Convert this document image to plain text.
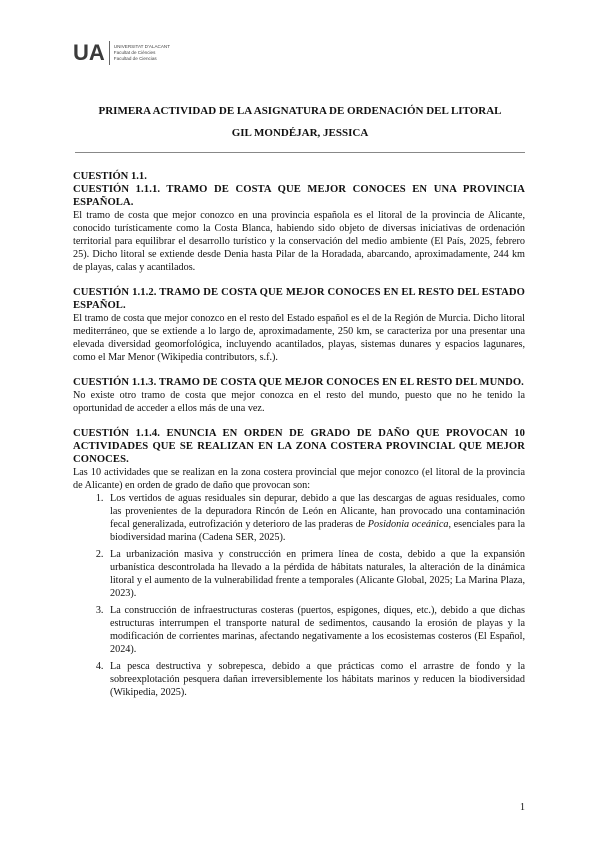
UA	UNIVERSITAT D'ALACANT
Facultat de Ciències
Facultad de Ciencias
PRIMERA ACTIVIDAD DE LA ASIGNATURA DE ORDENACIÓN DEL LITORAL
GIL MONDÉJAR, JESSICA

CUESTIÓN 1.1.

CUESTIÓN 1.1.1. TRAMO DE COSTA QUE MEJOR CONOCES EN UNA PROVINCIA ESPAÑOLA.

El tramo de costa que mejor conozco en una provincia española es el litoral de la provincia de Alicante, conocido turísticamente como la Costa Blanca, habiendo sido objeto de diversas iniciativas de ordenación territorial para equilibrar el desarrollo turístico y la conservación del medio ambiente (El País, 2025, febrero 25). Dicho litoral se extiende desde Denia hasta Pilar de la Horadada, abarcando, aproximadamente, 244 km de playas, calas y acantilados.

CUESTIÓN 1.1.2. TRAMO DE COSTA QUE MEJOR CONOCES EN EL RESTO DEL ESTADO ESPAÑOL.

El tramo de costa que mejor conozco en el resto del Estado español es el de la Región de Murcia. Dicho litoral mediterráneo, que se extiende a lo largo de, aproximadamente, 250 km, se caracteriza por una presentar una elevada diversidad geomorfológica, incluyendo acantilados, playas, sistemas dunares y espacios lagunares, como el Mar Menor (Wikipedia contributors, s.f.).

CUESTIÓN 1.1.3. TRAMO DE COSTA QUE MEJOR CONOCES EN EL RESTO DEL MUNDO.

No existe otro tramo de costa que mejor conozca en el resto del mundo, puesto que no he tenido la oportunidad de acceder a ellos más de una vez.

CUESTIÓN 1.1.4. ENUNCIA EN ORDEN DE GRADO DE DAÑO QUE PROVOCAN 10 ACTIVIDADES QUE SE REALIZAN EN LA ZONA COSTERA PROVINCIAL QUE MEJOR CONOCES.

Las 10 actividades que se realizan en la zona costera provincial que mejor conozco (el litoral de la provincia de Alicante) en orden de grado de daño que provocan son:

1. Los vertidos de aguas residuales sin depurar, debido a que las descargas de aguas residuales, como las provenientes de la depuradora Rincón de León en Alicante, han provocado una contaminación fecal generalizada, eutrofización y deterioro de las praderas de Posidonia oceánica, esenciales para la biodiversidad marina (Cadena SER, 2025).
2. La urbanización masiva y construcción en primera línea de costa, debido a que la expansión urbanística descontrolada ha llevado a la pérdida de hábitats naturales, la alteración de la dinámica litoral y el aumento de la vulnerabilidad frente a temporales (Alicante Global, 2025; La Marina Plaza, 2023).
3. La construcción de infraestructuras costeras (puertos, espigones, diques, etc.), debido a que dichas estructuras interrumpen el transporte natural de sedimentos, causando la erosión de playas y la modificación de corrientes marinas, afectando negativamente a los ecosistemas costeros (El Español, 2024).
4. La pesca destructiva y sobrepesca, debido a que prácticas como el arrastre de fondo y la sobreexplotación pesquera dañan irreversiblemente los hábitats marinos y reducen la biodiversidad (Wikipedia, 2025).
1
